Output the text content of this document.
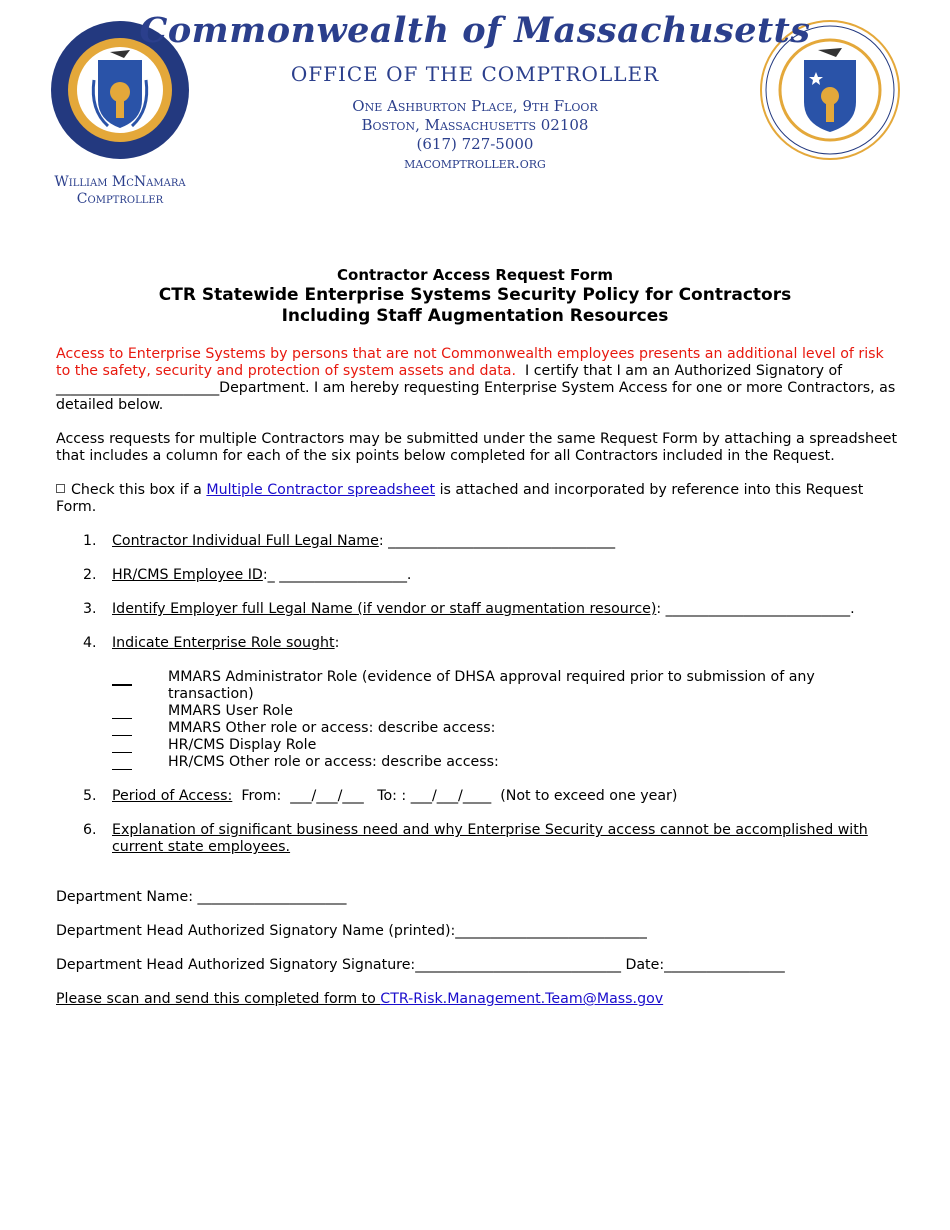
Commonwealth of Massachusetts
OFFICE OF THE COMPTROLLER
One Ashburton Place, 9th Floor
Boston, Massachusetts 02108
(617) 727-5000
macomptroller.org
William McNamara
Comptroller
Contractor Access Request Form
CTR Statewide Enterprise Systems Security Policy for Contractors
Including Staff Augmentation Resources
Access to Enterprise Systems by persons that are not Commonwealth employees presents an additional level of risk to the safety, security and protection of system assets and data. I certify that I am an Authorized Signatory of _______________________Department. I am hereby requesting Enterprise System Access for one or more Contractors, as detailed below.
Access requests for multiple Contractors may be submitted under the same Request Form by attaching a spreadsheet that includes a column for each of the six points below completed for all Contractors included in the Request.
Check this box if a Multiple Contractor spreadsheet is attached and incorporated by reference into this Request Form.
1.	Contractor Individual Full Legal Name: ________________________________
2.	HR/CMS Employee ID:_ __________________.
3.	Identify Employer full Legal Name (if vendor or staff augmentation resource): __________________________.
4.	Indicate Enterprise Role sought:
MMARS Administrator Role (evidence of DHSA approval required prior to submission of any transaction)
MMARS User Role
MMARS Other role or access: describe access:
HR/CMS Display Role
HR/CMS Other role or access: describe access:
5.	Period of Access:  From:  ___/___/___   To: : ___/___/____  (Not to exceed one year)
6.	Explanation of significant business need and why Enterprise Security access cannot be accomplished with current state employees.
Department Name: _____________________
Department Head Authorized Signatory Name (printed):___________________________
Department Head Authorized Signatory Signature:_____________________________ Date:_________________
Please scan and send this completed form to CTR-Risk.Management.Team@Mass.gov
